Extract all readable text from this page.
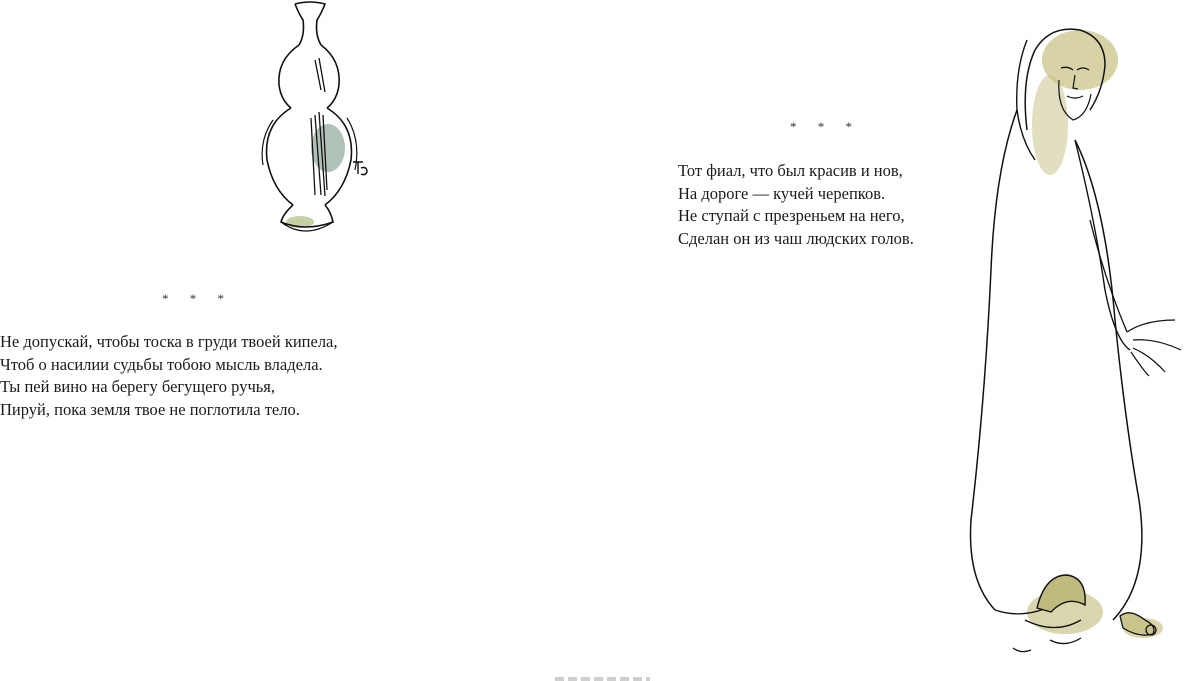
* * *
Не допускай, чтобы тоска в груди твоей кипела,
Чтоб о насилии судьбы тобою мысль владела.
Ты пей вино на берегу бегущего ручья,
Пируй, пока земля твое не поглотила тело.
* * *
Тот фиал, что был красив и нов,
На дороге — кучей черепков.
Не ступай с презреньем на него,
Сделан он из чаш людских голов.
